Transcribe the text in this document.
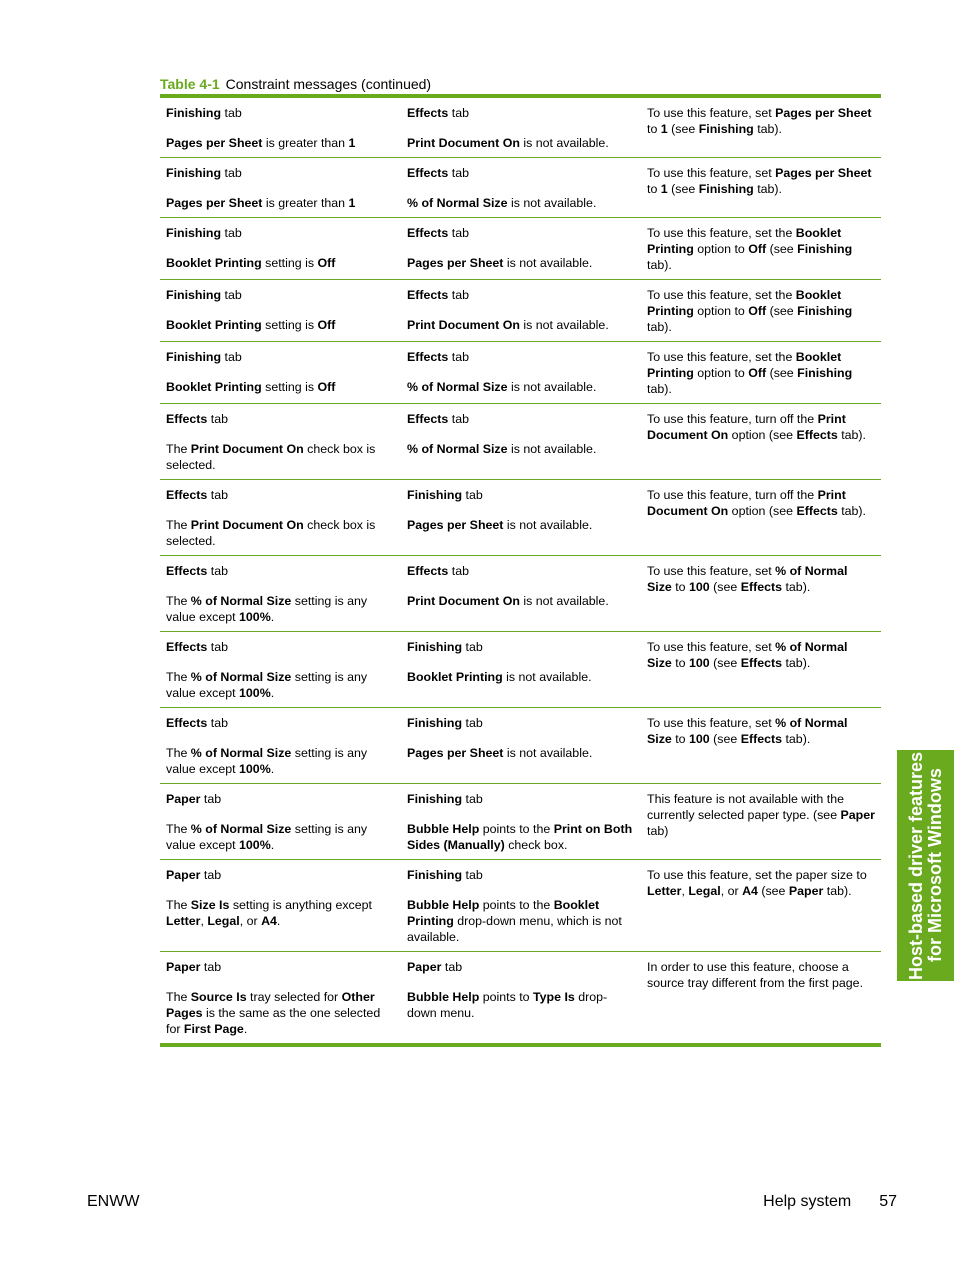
Table 4-1 Constraint messages (continued)

Finishing tab

Pages per Sheet is greater than 1

Effects tab

Print Document On is not available.

To use this feature, set Pages per Sheet to 1 (see Finishing tab).

Finishing tab

Pages per Sheet is greater than 1

Effects tab

% of Normal Size is not available.

To use this feature, set Pages per Sheet to 1 (see Finishing tab).

Finishing tab

Booklet Printing setting is Off

Effects tab

Pages per Sheet is not available.

To use this feature, set the Booklet Printing option to Off (see Finishing tab).

Finishing tab

Booklet Printing setting is Off

Effects tab

Print Document On is not available.

To use this feature, set the Booklet Printing option to Off (see Finishing tab).

Finishing tab

Booklet Printing setting is Off

Effects tab

% of Normal Size is not available.

To use this feature, set the Booklet Printing option to Off (see Finishing tab).

Effects tab

The Print Document On check box is selected.

Effects tab

% of Normal Size is not available.

To use this feature, turn off the Print Document On option (see Effects tab).

Effects tab

The Print Document On check box is selected.

Finishing tab

Pages per Sheet is not available.

To use this feature, turn off the Print Document On option (see Effects tab).

Effects tab

The % of Normal Size setting is any value except 100%.

Effects tab

Print Document On is not available.

To use this feature, set % of Normal Size to 100 (see Effects tab).

Effects tab

The % of Normal Size setting is any value except 100%.

Finishing tab

Booklet Printing is not available.

To use this feature, set % of Normal Size to 100 (see Effects tab).

Effects tab

The % of Normal Size setting is any value except 100%.

Finishing tab

Pages per Sheet is not available.

To use this feature, set % of Normal Size to 100 (see Effects tab).

Paper tab

The % of Normal Size setting is any value except 100%.

Finishing tab

Bubble Help points to the Print on Both Sides (Manually) check box.

This feature is not available with the currently selected paper type. (see Paper tab)

Paper tab

The Size Is setting is anything except Letter, Legal, or A4.

Finishing tab

Bubble Help points to the Booklet Printing drop-down menu, which is not available.

To use this feature, set the paper size to Letter, Legal, or A4 (see Paper tab).

Paper tab

The Source Is tray selected for Other Pages is the same as the one selected for First Page.

Paper tab

Bubble Help points to Type Is drop-down menu.

In order to use this feature, choose a source tray different from the first page.

Host-based driver features for Microsoft Windows
ENWW	Help system 57
